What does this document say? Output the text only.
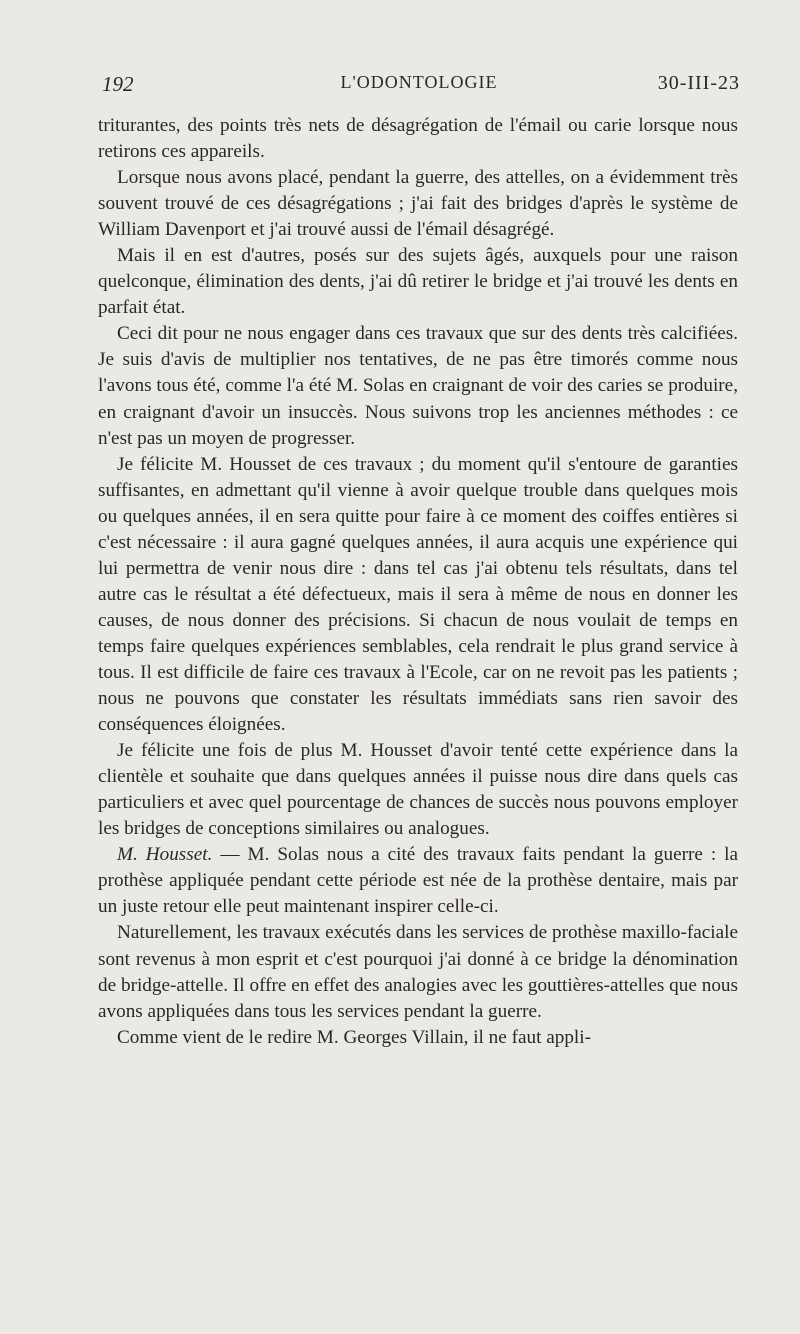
192	L'ODONTOLOGIE	30-III-23

triturantes, des points très nets de désagrégation de l'émail ou carie lorsque nous retirons ces appareils.

Lorsque nous avons placé, pendant la guerre, des attelles, on a évidemment très souvent trouvé de ces désagrégations ; j'ai fait des bridges d'après le système de William Davenport et j'ai trouvé aussi de l'émail désagrégé.

Mais il en est d'autres, posés sur des sujets âgés, auxquels pour une raison quelconque, élimination des dents, j'ai dû retirer le bridge et j'ai trouvé les dents en parfait état.

Ceci dit pour ne nous engager dans ces travaux que sur des dents très calcifiées. Je suis d'avis de multiplier nos tentatives, de ne pas être timorés comme nous l'avons tous été, comme l'a été M. Solas en craignant de voir des caries se produire, en craignant d'avoir un insuccès. Nous suivons trop les anciennes méthodes : ce n'est pas un moyen de progresser.

Je félicite M. Housset de ces travaux ; du moment qu'il s'entoure de garanties suffisantes, en admettant qu'il vienne à avoir quelque trouble dans quelques mois ou quelques années, il en sera quitte pour faire à ce moment des coiffes entières si c'est nécessaire : il aura gagné quelques années, il aura acquis une expérience qui lui permettra de venir nous dire : dans tel cas j'ai obtenu tels résultats, dans tel autre cas le résultat a été défectueux, mais il sera à même de nous en donner les causes, de nous donner des précisions. Si chacun de nous voulait de temps en temps faire quelques expériences semblables, cela rendrait le plus grand service à tous. Il est difficile de faire ces travaux à l'Ecole, car on ne revoit pas les patients ; nous ne pouvons que constater les résultats immédiats sans rien savoir des conséquences éloignées.

Je félicite une fois de plus M. Housset d'avoir tenté cette expérience dans la clientèle et souhaite que dans quelques années il puisse nous dire dans quels cas particuliers et avec quel pourcentage de chances de succès nous pouvons employer les bridges de conceptions similaires ou analogues.

M. Housset. — M. Solas nous a cité des travaux faits pendant la guerre : la prothèse appliquée pendant cette période est née de la prothèse dentaire, mais par un juste retour elle peut maintenant inspirer celle-ci.

Naturellement, les travaux exécutés dans les services de prothèse maxillo-faciale sont revenus à mon esprit et c'est pourquoi j'ai donné à ce bridge la dénomination de bridge-attelle. Il offre en effet des analogies avec les gouttières-attelles que nous avons appliquées dans tous les services pendant la guerre.

Comme vient de le redire M. Georges Villain, il ne faut appli-
